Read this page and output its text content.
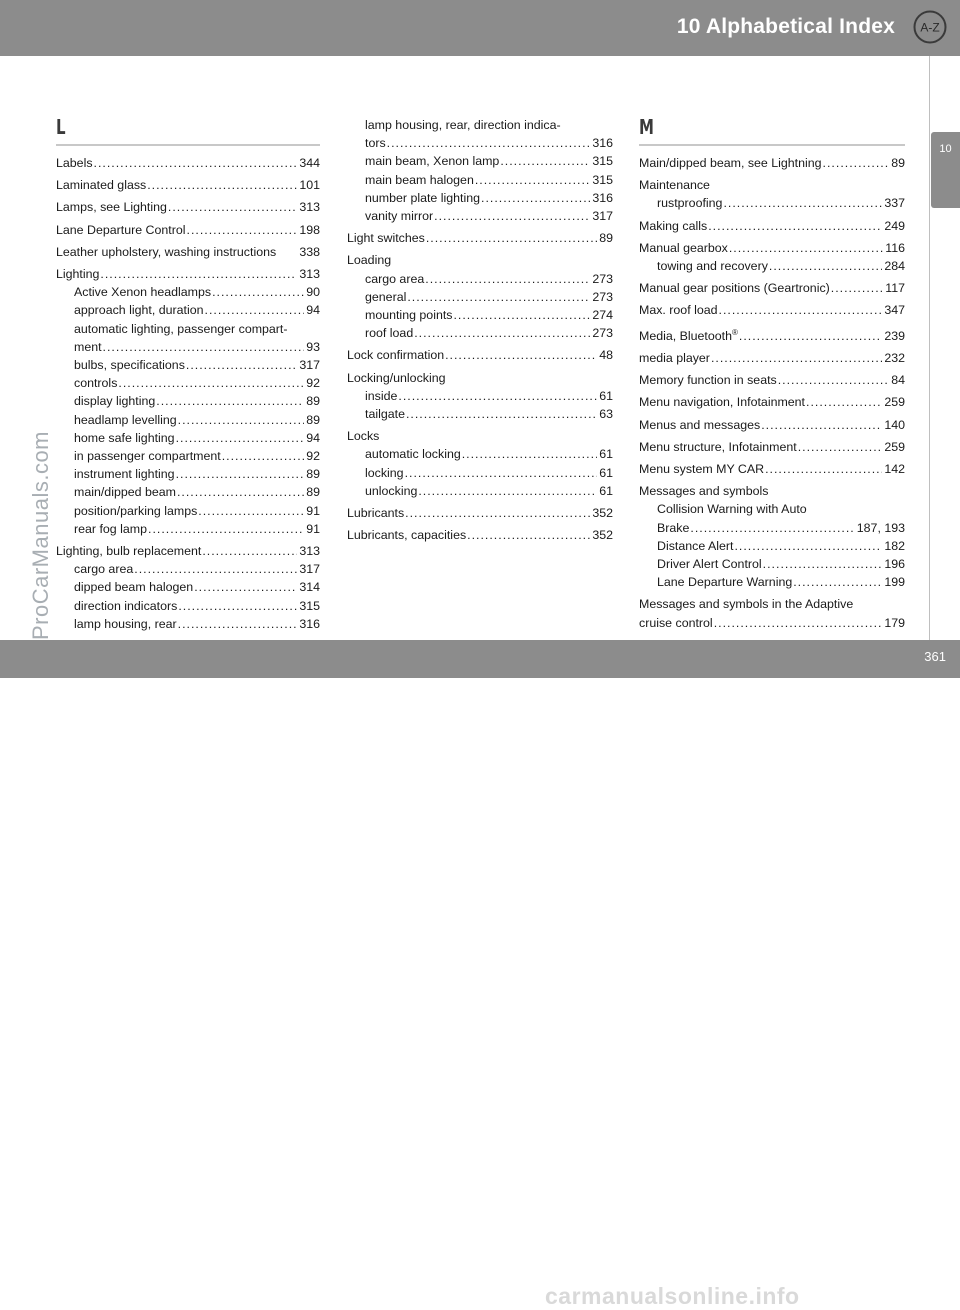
10 Alphabetical Index A-Z
10
L
Labels .....	344
Laminated glass .....	101
Lamps, see Lighting .....	313
Lane Departure Control .....	198
Leather upholstery, washing instructions 338
Lighting .....	313
Active Xenon headlamps .....	90
approach light, duration .....	94
automatic lighting, passenger compart-
ment .....	93
bulbs, specifications .....	317
controls .....	92
display lighting .....	89
headlamp levelling .....	89
home safe lighting .....	94
in passenger compartment .....	92
instrument lighting .....	89
main/dipped beam .....	89
position/parking lamps .....	91
rear fog lamp .....	91
Lighting, bulb replacement .....	313
cargo area .....	317
dipped beam halogen .....	314
direction indicators .....	315
lamp housing, rear .....	316
lamp housing, rear, direction indica-
tors .....	316
main beam, Xenon lamp .....	315
main beam halogen .....	315
number plate lighting .....	316
vanity mirror .....	317
Light switches .....	89
Loading
cargo area .....	273
general .....	273
mounting points .....	274
roof load .....	273
Lock confirmation .....	48
Locking/unlocking
inside .....	61
tailgate .....	63
Locks
automatic locking .....	61
locking .....	61
unlocking .....	61
Lubricants .....	352
Lubricants, capacities .....	352
M
Main/dipped beam, see Lightning .....	89
Maintenance
rustproofing .....	337
Making calls .....	249
Manual gearbox .....	116
towing and recovery .....	284
Manual gear positions (Geartronic) .....	117
Max. roof load .....	347
Media, Bluetooth® .....	239
media player .....	232
Memory function in seats .....	84
Menu navigation, Infotainment .....	259
Menus and messages .....	140
Menu structure, Infotainment .....	259
Menu system MY CAR .....	142
Messages and symbols
Collision Warning with Auto
Brake .....	187, 193
Distance Alert .....	182
Driver Alert Control .....	196
Lane Departure Warning .....	199
Messages and symbols in the Adaptive
cruise control .....	179
ProCarManuals.com
carmanualsonline.info
361
